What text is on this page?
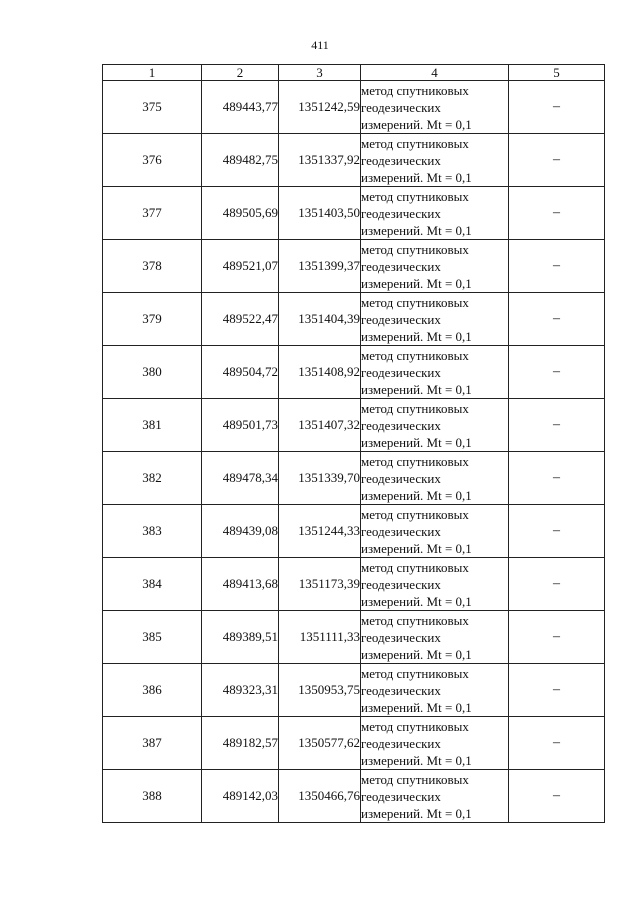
411
1	2	3	4	5
375	489443,77	1351242,59	метод спутниковых
геодезических
измерений. Mt = 0,1	–
376	489482,75	1351337,92	метод спутниковых
геодезических
измерений. Mt = 0,1	–
377	489505,69	1351403,50	метод спутниковых
геодезических
измерений. Mt = 0,1	–
378	489521,07	1351399,37	метод спутниковых
геодезических
измерений. Mt = 0,1	–
379	489522,47	1351404,39	метод спутниковых
геодезических
измерений. Mt = 0,1	–
380	489504,72	1351408,92	метод спутниковых
геодезических
измерений. Mt = 0,1	–
381	489501,73	1351407,32	метод спутниковых
геодезических
измерений. Mt = 0,1	–
382	489478,34	1351339,70	метод спутниковых
геодезических
измерений. Mt = 0,1	–
383	489439,08	1351244,33	метод спутниковых
геодезических
измерений. Mt = 0,1	–
384	489413,68	1351173,39	метод спутниковых
геодезических
измерений. Mt = 0,1	–
385	489389,51	1351111,33	метод спутниковых
геодезических
измерений. Mt = 0,1	–
386	489323,31	1350953,75	метод спутниковых
геодезических
измерений. Mt = 0,1	–
387	489182,57	1350577,62	метод спутниковых
геодезических
измерений. Mt = 0,1	–
388	489142,03	1350466,76	метод спутниковых
геодезических
измерений. Mt = 0,1	–
